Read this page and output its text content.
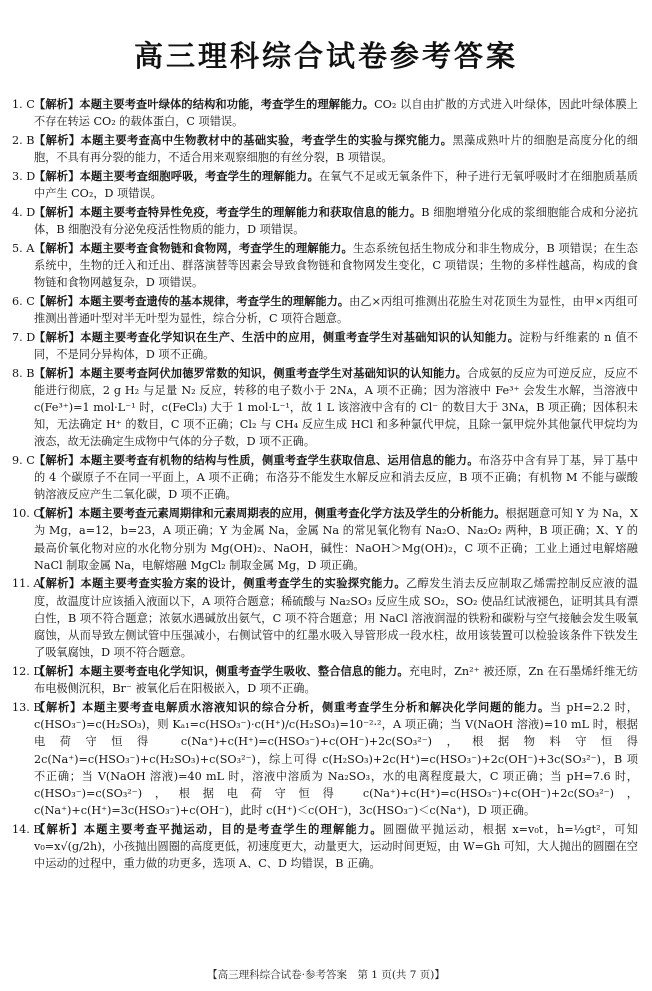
高三理科综合试卷参考答案
1. C 【解析】本题主要考查叶绿体的结构和功能，考查学生的理解能力。CO₂ 以自由扩散的方式进入叶绿体，因此叶绿体膜上不存在转运 CO₂ 的载体蛋白，C 项错误。
2. B 【解析】本题主要考查高中生物教材中的基础实验，考查学生的实验与探究能力。黑藻成熟叶片的细胞是高度分化的细胞，不具有再分裂的能力，不适合用来观察细胞的有丝分裂，B 项错误。
3. D
【解析】本题主要考查细胞呼吸，考查学生的理解能力。在氧气不足或无氧条件下，种子进行无氧呼吸时才在细胞质基质中产生 CO₂，D 项错误。
4. D
【解析】本题主要考查特异性免疫，考查学生的理解能力和获取信息的能力。B 细胞增殖分化成的浆细胞能合成和分泌抗体，B 细胞没有分泌免疫活性物质的能力，D 项错误。
5. A 【解析】本题主要考查食物链和食物网，考查学生的理解能力。生态系统包括生物成分和非生物成分，B 项错误；在生态系统中，生物的迁入和迁出、群落演替等因素会导致食物链和食物网发生变化，C 项错误；生物的多样性越高，构成的食物链和食物网越复杂，D 项错误。
6. C 【解析】本题主要考查遗传的基本规律，考查学生的理解能力。由乙×丙组可推测出花脸生对花顶生为显性，由甲×丙组可推测出普通叶型对半无叶型为显性，综合分析，C 项符合题意。
7. D
【解析】本题主要考查化学知识在生产、生活中的应用，侧重考查学生对基础知识的认知能力。淀粉与纤维素的 n 值不同，不是同分异构体，D 项不正确。
8. B 【解析】本题主要考查阿伏加德罗常数的知识，侧重考查学生对基础知识的认知能力。合成氨的反应为可逆反应，反应不能进行彻底，2 g H₂ 与足量 N₂ 反应，转移的电子数小于 2Nᴀ，A 项不正确；因为溶液中 Fe³⁺ 会发生水解，当溶液中 c(Fe³⁺)=1 mol·L⁻¹ 时，c(FeCl₃) 大于 1 mol·L⁻¹，故 1 L 该溶液中含有的 Cl⁻ 的数目大于 3Nᴀ，B 项正确；因体积未知，无法确定 H⁺ 的数目，C 项不正确；Cl₂ 与 CH₄ 反应生成 HCl 和多种氯代甲烷，且除一氯甲烷外其他氯代甲烷均为液态，故无法确定生成物中气体的分子数，D 项不正确。
9. C 【解析】本题主要考查有机物的结构与性质，侧重考查学生获取信息、运用信息的能力。布洛芬中含有异丁基，异丁基中的 4 个碳原子不在同一平面上，A 项不正确；布洛芬不能发生水解反应和消去反应，B 项不正确；有机物 M 不能与碳酸钠溶液反应产生二氧化碳，D 项不正确。
10. C
【解析】本题主要考查元素周期律和元素周期表的应用，侧重考查化学方法及学生的分析能力。根据题意可知 Y 为 Na，X 为 Mg，a=12，b=23，A 项正确；Y 为金属 Na，金属 Na 的常见氧化物有 Na₂O、Na₂O₂ 两种，B 项正确；X、Y 的最高价氧化物对应的水化物分别为 Mg(OH)₂、NaOH，碱性：NaOH＞Mg(OH)₂，C 项不正确；工业上通过电解熔融 NaCl 制取金属 Na，电解熔融 MgCl₂ 制取金属 Mg，D 项正确。
11. A
【解析】本题主要考查实验方案的设计，侧重考查学生的实验探究能力。乙醇发生消去反应制取乙烯需控制反应液的温度，故温度计应该插入液面以下，A 项符合题意；稀硫酸与 Na₂SO₃ 反应生成 SO₂，SO₂ 使品红试液褪色，证明其具有漂白性，B 项不符合题意；浓氨水遇碱放出氨气，C 项不符合题意；用 NaCl 溶液润湿的铁粉和碳粉与空气接触会发生吸氧腐蚀，从而导致左侧试管中压强减小，右侧试管中的红墨水吸入导管形成一段水柱，故用该装置可以检验该条件下铁发生了吸氧腐蚀，D 项不符合题意。
12. D
【解析】本题主要考查电化学知识，侧重考查学生吸收、整合信息的能力。充电时，Zn²⁺ 被还原，Zn 在石墨烯纤维无纺布电极侧沉积，Br⁻ 被氧化后在阳极嵌入，D 项不正确。
13. B
【解析】本题主要考查电解质水溶液知识的综合分析，侧重考查学生分析和解决化学问题的能力。当 pH=2.2 时，c(HSO₃⁻)=c(H₂SO₃)，则 Kₐ₁=c(HSO₃⁻)·c(H⁺)/c(H₂SO₃)=10⁻²·²，A 项正确；当 V(NaOH 溶液)=10 mL 时，根据电荷守恒得 c(Na⁺)+c(H⁺)=c(HSO₃⁻)+c(OH⁻)+2c(SO₃²⁻)，根据物料守恒得 2c(Na⁺)=c(HSO₃⁻)+c(H₂SO₃)+c(SO₃²⁻)，综上可得 c(H₂SO₃)+2c(H⁺)=c(HSO₃⁻)+2c(OH⁻)+3c(SO₃²⁻)，B 项不正确；当 V(NaOH 溶液)=40 mL 时，溶液中溶质为 Na₂SO₃，水的电离程度最大，C 项正确；当 pH=7.6 时，c(HSO₃⁻)=c(SO₃²⁻)，根据电荷守恒得 c(Na⁺)+c(H⁺)=c(HSO₃⁻)+c(OH⁻)+2c(SO₃²⁻)，c(Na⁺)+c(H⁺)=3c(HSO₃⁻)+c(OH⁻)，此时 c(H⁺)＜c(OH⁻)，3c(HSO₃⁻)＜c(Na⁺)，D 项正确。
14. B
【解析】本题主要考查平抛运动，目的是考查学生的理解能力。圆圈做平抛运动，根据 x=v₀t，h=½gt²，可知 v₀=x√(g/2h)，小孩抛出圆圈的高度更低，初速度更大，动量更大，运动时间更短，由 W=Gh 可知，大人抛出的圆圈在空中运动的过程中，重力做的功更多，选项 A、C、D 均错误，B 正确。
【高三理科综合试卷·参考答案　第 1 页(共 7 页)】
